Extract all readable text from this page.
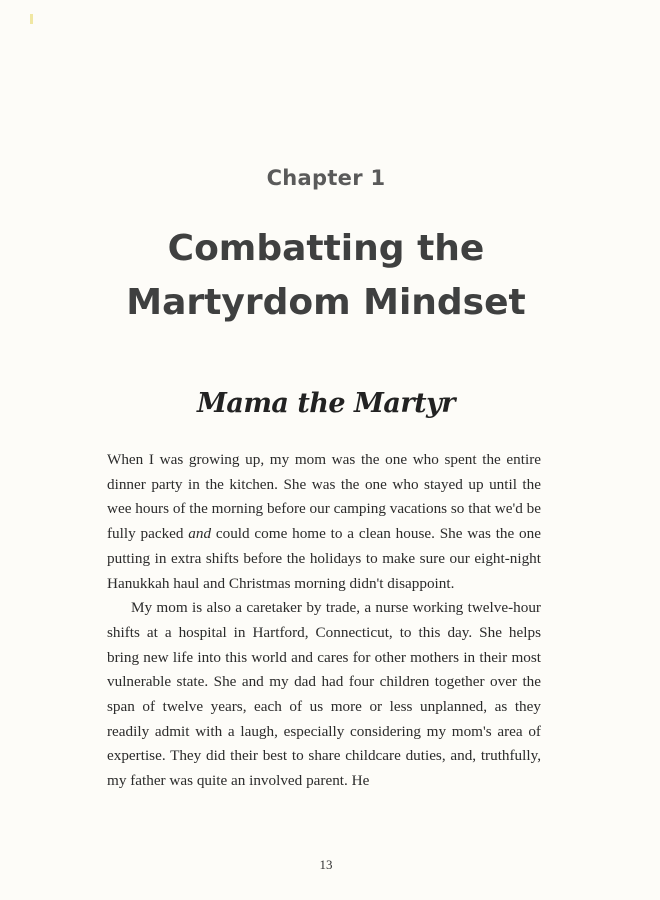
Chapter 1
Combatting the
Martyrdom Mindset
Mama the Martyr

When I was growing up, my mom was the one who spent the entire dinner party in the kitchen. She was the one who stayed up until the wee hours of the morning before our camping vacations so that we'd be fully packed and could come home to a clean house. She was the one putting in extra shifts before the holidays to make sure our eight-night Hanukkah haul and Christmas morning didn't disappoint.

My mom is also a caretaker by trade, a nurse working twelve-hour shifts at a hospital in Hartford, Connecticut, to this day. She helps bring new life into this world and cares for other mothers in their most vulnerable state. She and my dad had four children together over the span of twelve years, each of us more or less unplanned, as they readily admit with a laugh, especially considering my mom's area of expertise. They did their best to share childcare duties, and, truthfully, my father was quite an involved parent. He

13
